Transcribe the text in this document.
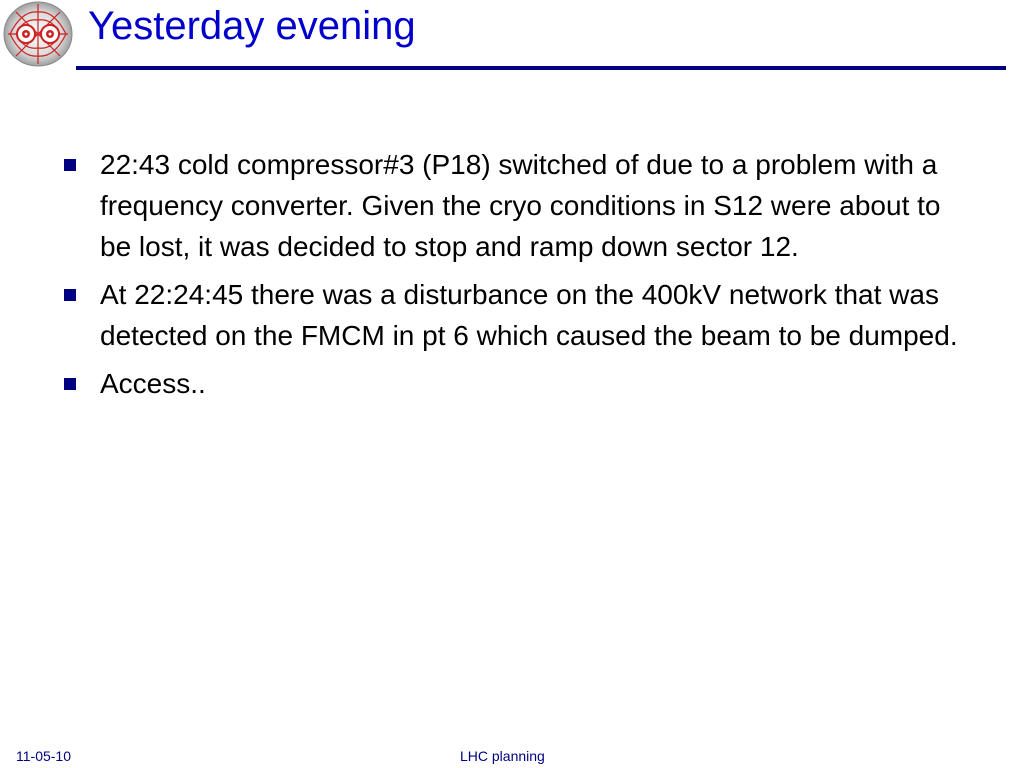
Yesterday evening
22:43 cold compressor#3 (P18) switched of due to a problem with a frequency converter. Given the cryo conditions in S12 were about to be lost, it was decided to stop and ramp down sector 12.
At 22:24:45 there was a disturbance on the 400kV network that was detected on the FMCM in pt 6 which caused the beam to be dumped.
Access..
11-05-10	LHC planning
